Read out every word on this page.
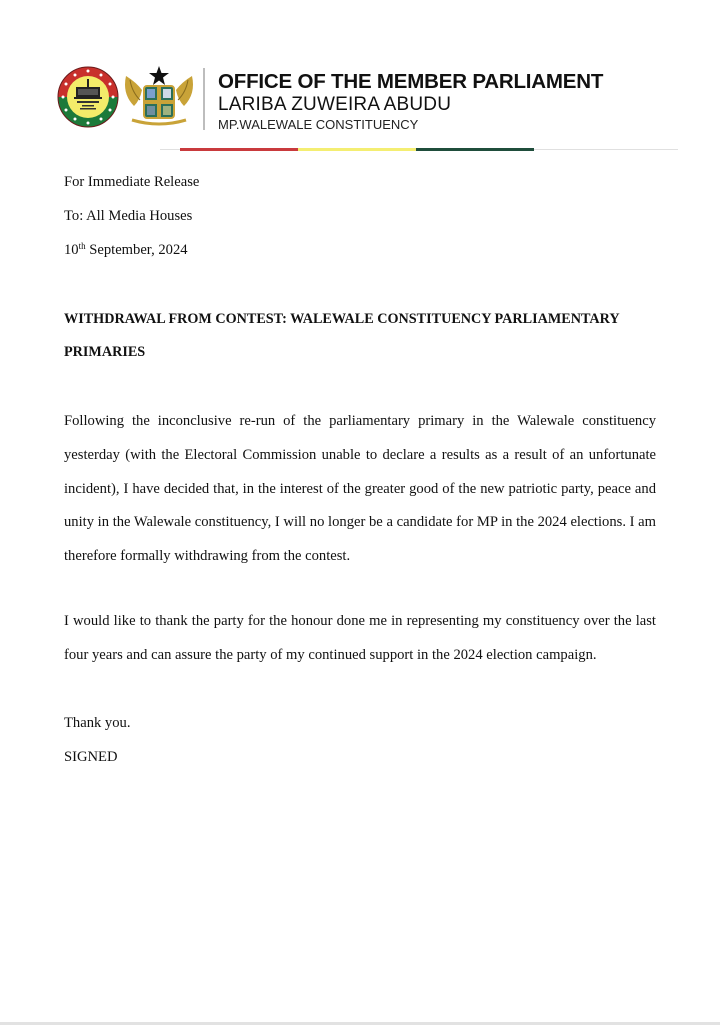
OFFICE OF THE MEMBER PARLIAMENT
LARIBA ZUWEIRA ABUDU
MP.WALEWALE CONSTITUENCY
For Immediate Release
To: All Media Houses
10th September, 2024
WITHDRAWAL FROM CONTEST: WALEWALE CONSTITUENCY PARLIAMENTARY
PRIMARIES
Following the inconclusive re-run of the parliamentary primary in the Walewale constituency yesterday (with the Electoral Commission unable to declare a results as a result of an unfortunate incident), I have decided that, in the interest of the greater good of the new patriotic party, peace and unity in the Walewale constituency, I will no longer be a candidate for MP in the 2024 elections. I am therefore formally withdrawing from the contest.
I would like to thank the party for the honour done me in representing my constituency over the last four years and can assure the party of my continued support in the 2024 election campaign.
Thank you.
SIGNED
